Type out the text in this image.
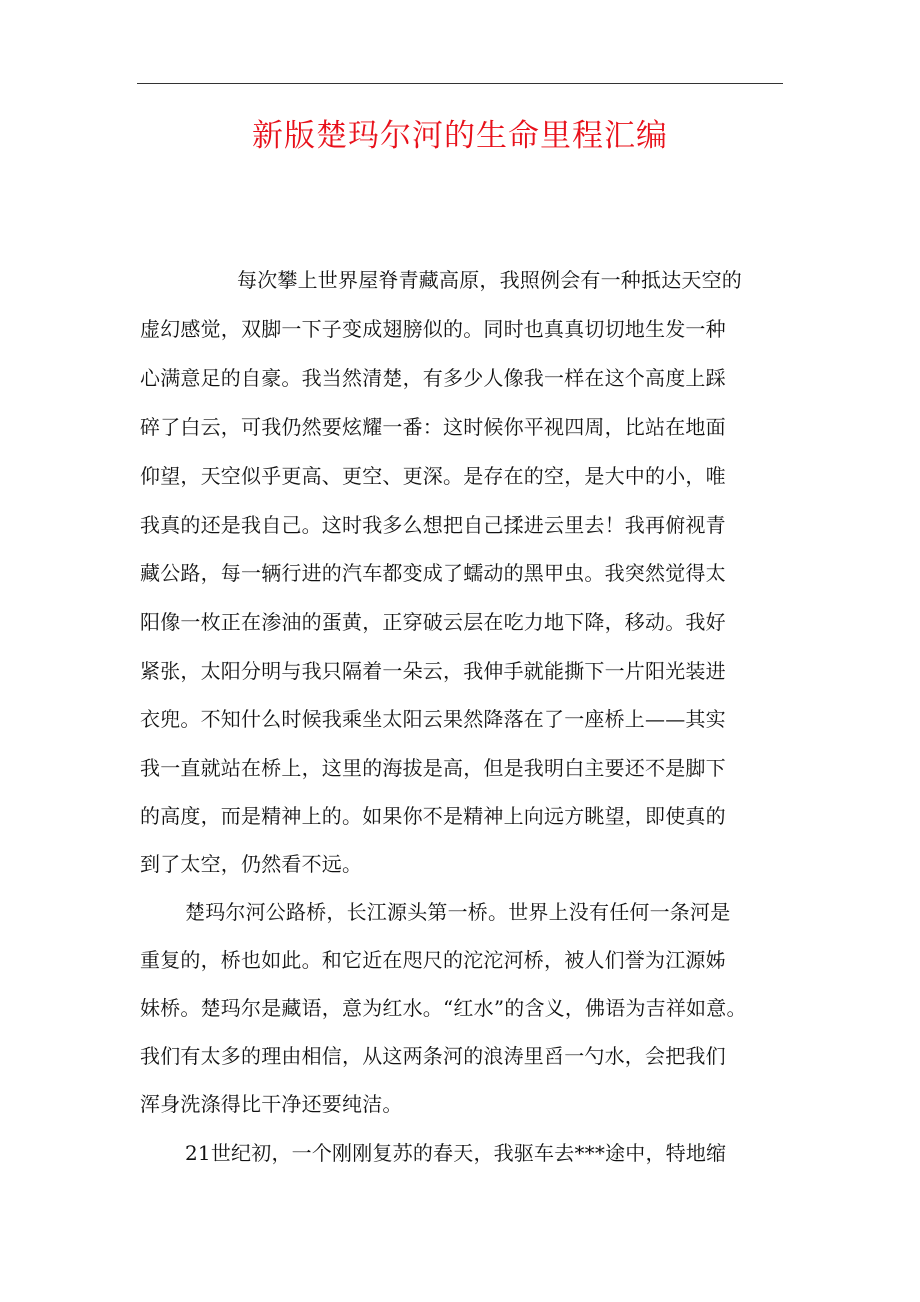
新版楚玛尔河的生命里程汇编
每次攀上世界屋脊青藏高原，我照例会有一种抵达天空的
虚幻感觉，双脚一下子变成翅膀似的。同时也真真切切地生发一种
心满意足的自豪。我当然清楚，有多少人像我一样在这个高度上踩
碎了白云，可我仍然要炫耀一番：这时候你平视四周，比站在地面
仰望，天空似乎更高、更空、更深。是存在的空，是大中的小，唯
我真的还是我自己。这时我多么想把自己揉进云里去！我再俯视青
藏公路，每一辆行进的汽车都变成了蠕动的黑甲虫。我突然觉得太
阳像一枚正在渗油的蛋黄，正穿破云层在吃力地下降，移动。我好
紧张，太阳分明与我只隔着一朵云，我伸手就能撕下一片阳光装进
衣兜。不知什么时候我乘坐太阳云果然降落在了一座桥上——其实
我一直就站在桥上，这里的海拔是高，但是我明白主要还不是脚下
的高度，而是精神上的。如果你不是精神上向远方眺望，即使真的
到了太空，仍然看不远。
楚玛尔河公路桥，长江源头第一桥。世界上没有任何一条河是
重复的，桥也如此。和它近在咫尺的沱沱河桥，被人们誉为江源姊
妹桥。楚玛尔是藏语，意为红水。“红水”的含义，佛语为吉祥如意。
我们有太多的理由相信，从这两条河的浪涛里舀一勺水，会把我们
浑身洗涤得比干净还要纯洁。
21世纪初，一个刚刚复苏的春天，我驱车去***途中，特地缩
